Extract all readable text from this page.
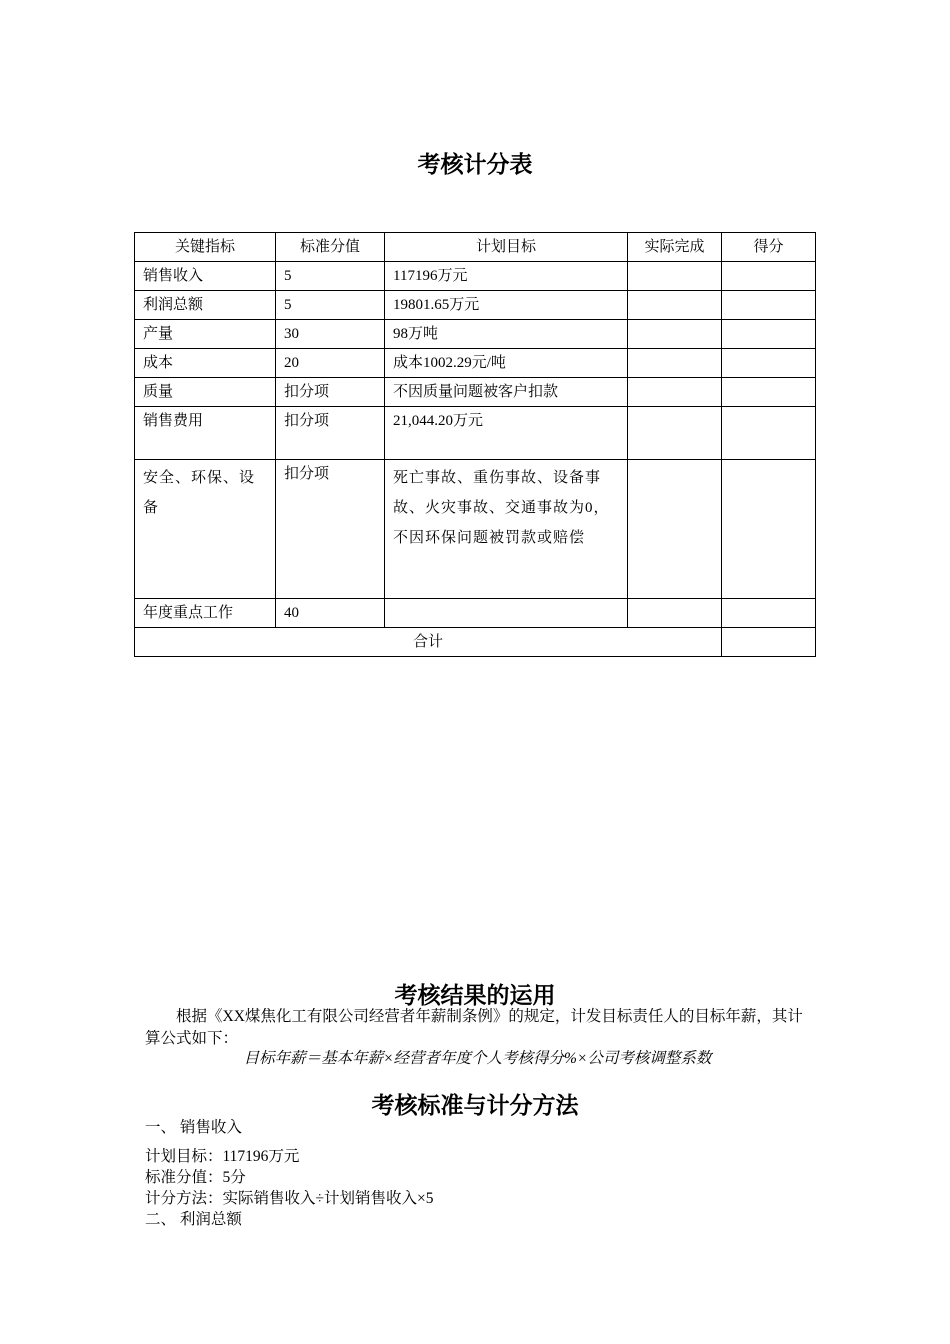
考核计分表
关键指标	标准分值	计划目标	实际完成	得分
销售收入	5	117196万元		
利润总额	5	19801.65万元		
产量	30	98万吨		
成本	20	成本1002.29元/吨		
质量	扣分项	不因质量问题被客户扣款		
销售费用	扣分项	21,044.20万元		
安全、环保、设备	扣分项	死亡事故、重伤事故、设备事故、火灾事故、交通事故为0，不因环保问题被罚款或赔偿		
年度重点工作	40			
合计				
考核结果的运用

根据《XX煤焦化工有限公司经营者年薪制条例》的规定，计发目标责任人的目标年薪，其计算公式如下：

目标年薪＝基本年薪×经营者年度个人考核得分%×公司考核调整系数

考核标准与计分方法

一、 销售收入

计划目标：117196万元

标准分值：5分

计分方法：实际销售收入÷计划销售收入×5

二、 利润总额
